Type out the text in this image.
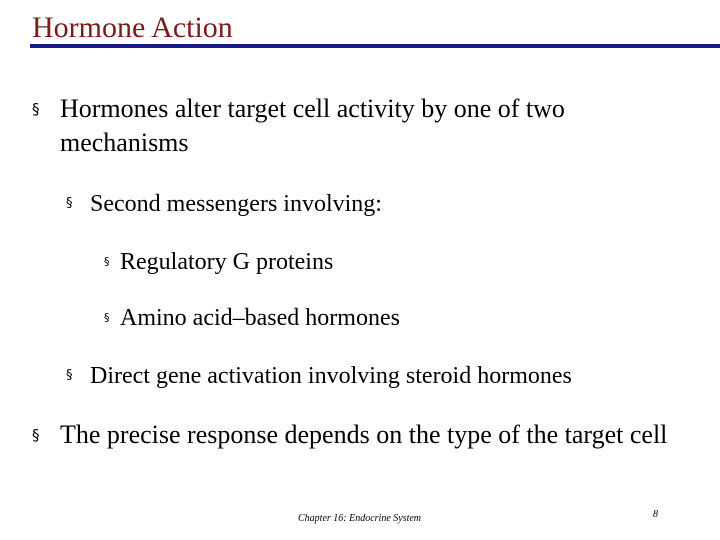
Hormone Action
§ Hormones alter target cell activity by one of two mechanisms
§ Second messengers involving:
§ Regulatory G proteins
§ Amino acid–based hormones
§ Direct gene activation involving steroid hormones
§ The precise response depends on the type of the target cell
Chapter 16: Endocrine System	8
